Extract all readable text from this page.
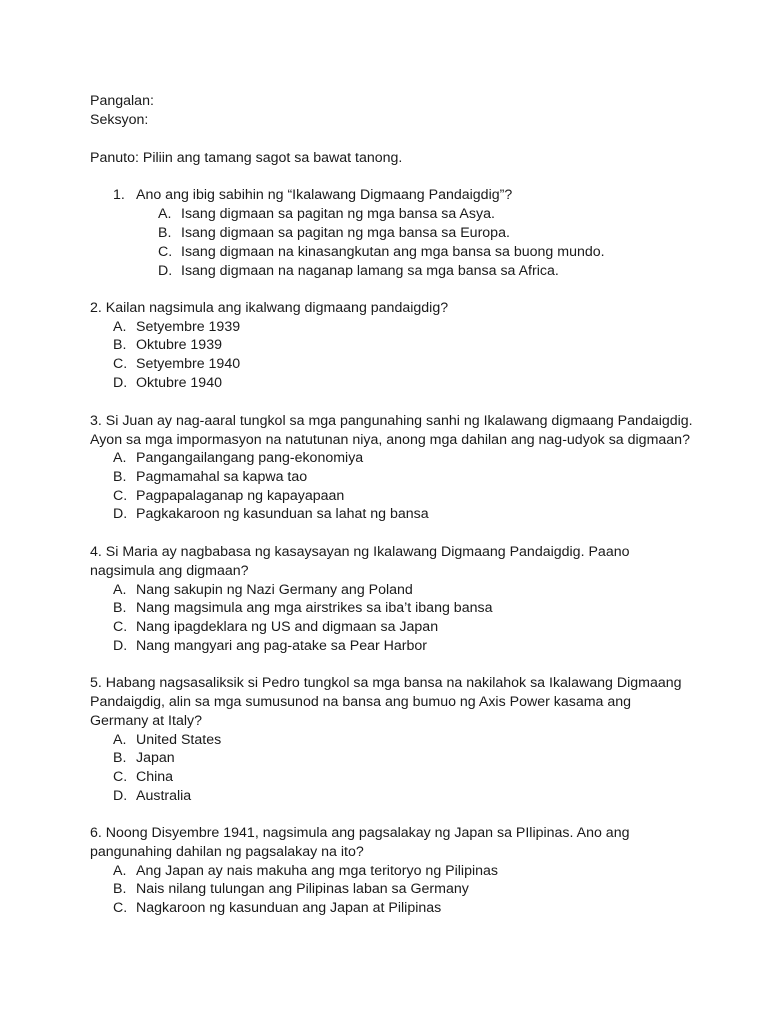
Pangalan:
Seksyon:
Panuto: Piliin ang tamang sagot sa bawat tanong.
1. Ano ang ibig sabihin ng “Ikalawang Digmaang Pandaigdig”?
A. Isang digmaan sa pagitan ng mga bansa sa Asya.
B. Isang digmaan sa pagitan ng mga bansa sa Europa.
C. Isang digmaan na kinasangkutan ang mga bansa sa buong mundo.
D. Isang digmaan na naganap lamang sa mga bansa sa Africa.
2. Kailan nagsimula ang ikalwang digmaang pandaigdig?
A. Setyembre 1939
B. Oktubre 1939
C. Setyembre 1940
D. Oktubre 1940
3. Si Juan ay nag-aaral tungkol sa mga pangunahing sanhi ng Ikalawang digmaang Pandaigdig.
Ayon sa mga impormasyon na natutunan niya, anong mga dahilan ang nag-udyok sa digmaan?
A. Pangangailangang pang-ekonomiya
B. Pagmamahal sa kapwa tao
C. Pagpapalaganap ng kapayapaan
D. Pagkakaroon ng kasunduan sa lahat ng bansa
4. Si Maria ay nagbabasa ng kasaysayan ng Ikalawang Digmaang Pandaigdig. Paano
nagsimula ang digmaan?
A. Nang sakupin ng Nazi Germany ang Poland
B. Nang magsimula ang mga airstrikes sa iba’t ibang bansa
C. Nang ipagdeklara ng US and digmaan sa Japan
D. Nang mangyari ang pag-atake sa Pear Harbor
5. Habang nagsasaliksik si Pedro tungkol sa mga bansa na nakilahok sa Ikalawang Digmaang
Pandaigdig, alin sa mga sumusunod na bansa ang bumuo ng Axis Power kasama ang
Germany at Italy?
A. United States
B. Japan
C. China
D. Australia
6. Noong Disyembre 1941, nagsimula ang pagsalakay ng Japan sa PIlipinas. Ano ang
pangunahing dahilan ng pagsalakay na ito?
A. Ang Japan ay nais makuha ang mga teritoryo ng Pilipinas
B. Nais nilang tulungan ang Pilipinas laban sa Germany
C. Nagkaroon ng kasunduan ang Japan at Pilipinas
